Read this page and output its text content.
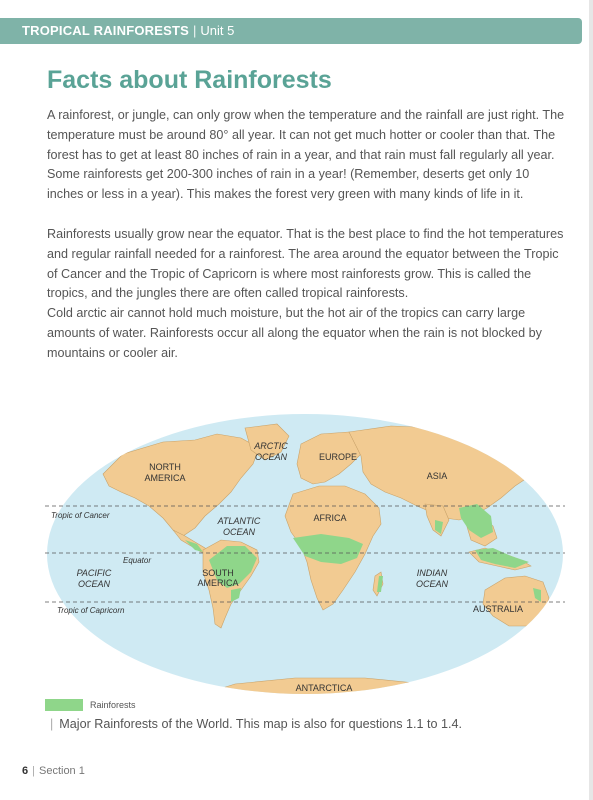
TROPICAL RAINFORESTS | Unit 5
Facts about Rainforests

A rainforest, or jungle, can only grow when the temperature and the rainfall are just right. The temperature must be around 80° all year. It can not get much hotter or cooler than that. The forest has to get at least 80 inches of rain in a year, and that rain must fall regularly all year. Some rainforests get 200-300 inches of rain in a year! (Remember, deserts get only 10 inches or less in a year). This makes the forest very green with many kinds of life in it.

Rainforests usually grow near the equator. That is the best place to find the hot temperatures and regular rainfall needed for a rainforest. The area around the equator between the Tropic of Cancer and the Tropic of Capricorn is where most rainforests grow. This is called the tropics, and the jungles there are often called tropical rainforests.

Cold arctic air cannot hold much moisture, but the hot air of the tropics can carry large amounts of water. Rainforests occur all along the equator when the rain is not blocked by mountains or cooler air.

Tropic of Cancer
Equator
Tropic of Capricorn
NORTH
AMERICA
SOUTH
AMERICA
EUROPE
ASIA
AFRICA
AUSTRALIA
ANTARCTICA
ARCTIC
OCEAN
ATLANTIC
OCEAN
PACIFIC
OCEAN
INDIAN
OCEAN
Rainforests
| Major Rainforests of the World. This map is also for questions 1.1 to 1.4.
6 | Section 1
